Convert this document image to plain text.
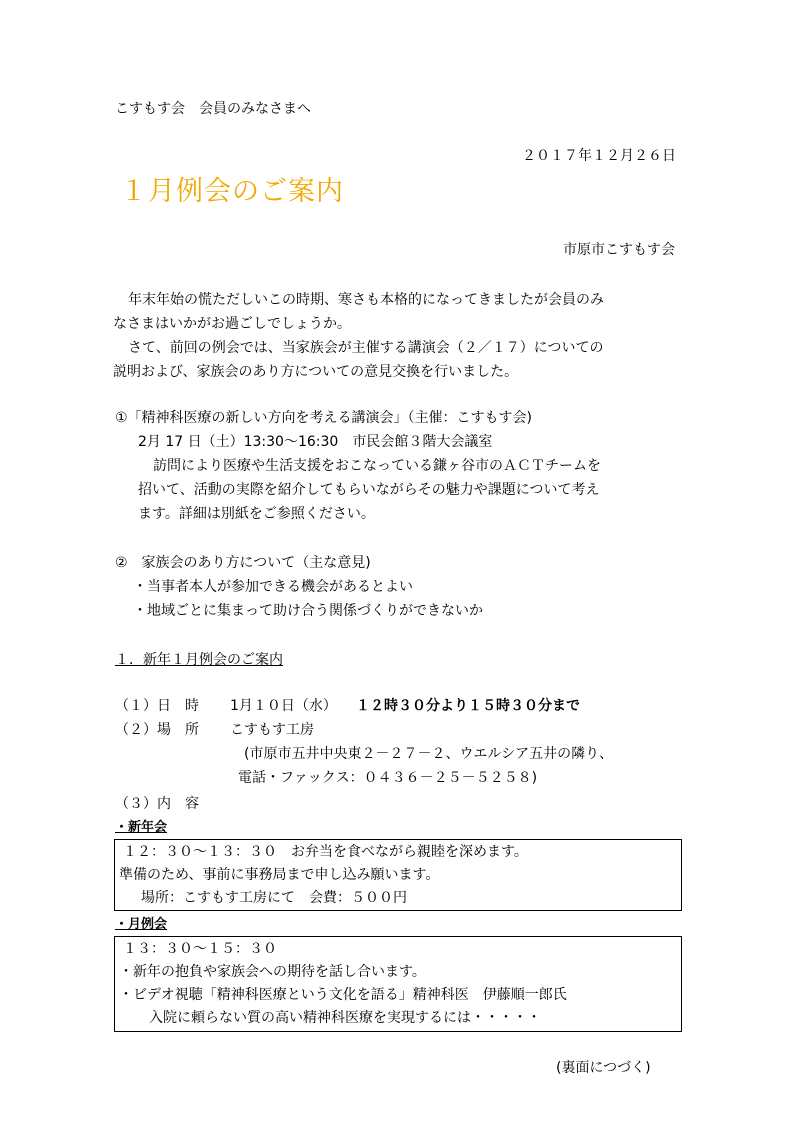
こすもす会　会員のみなさまへ
２０１７年１２月２６日
１月例会のご案内
市原市こすもす会
年末年始の慌ただしいこの時期、寒さも本格的になってきましたが会員のみ
なさまはいかがお過ごしでしょうか。
さて、前回の例会では、当家族会が主催する講演会（２／１７）についての
説明および、家族会のあり方についての意見交換を行いました。
①「精神科医療の新しい方向を考える講演会」（主催：こすもす会)
2月 17 日（土）13:30〜16:30　市民会館３階大会議室
訪問により医療や生活支援をおこなっている鎌ヶ谷市のＡＣＴチームを
招いて、活動の実際を紹介してもらいながらその魅力や課題について考え
ます。詳細は別紙をご参照ください。
②　家族会のあり方について（主な意見)
・当事者本人が参加できる機会があるとよい
・地域ごとに集まって助け合う関係づくりができないか
１．新年１月例会のご案内
（１）日　時 1月１０日（水） １２時３０分より１５時３０分まで
（２）場　所 こすもす工房
(市原市五井中央東２－２７－２、ウエルシア五井の隣り、
電話・ファックス：０４３６－２５－５２５８)
（３）内　容
・新年会
１２：３０〜１３：３０　お弁当を食べながら親睦を深めます。
準備のため、事前に事務局まで申し込み願います。
場所：こすもす工房にて　会費：５００円
・月例会
１３：３０〜１５：３０
・新年の抱負や家族会への期待を話し合います。
・ビデオ視聴「精神科医療という文化を語る」精神科医　伊藤順一郎氏
入院に頼らない質の高い精神科医療を実現するには・・・・・
(裏面につづく)
